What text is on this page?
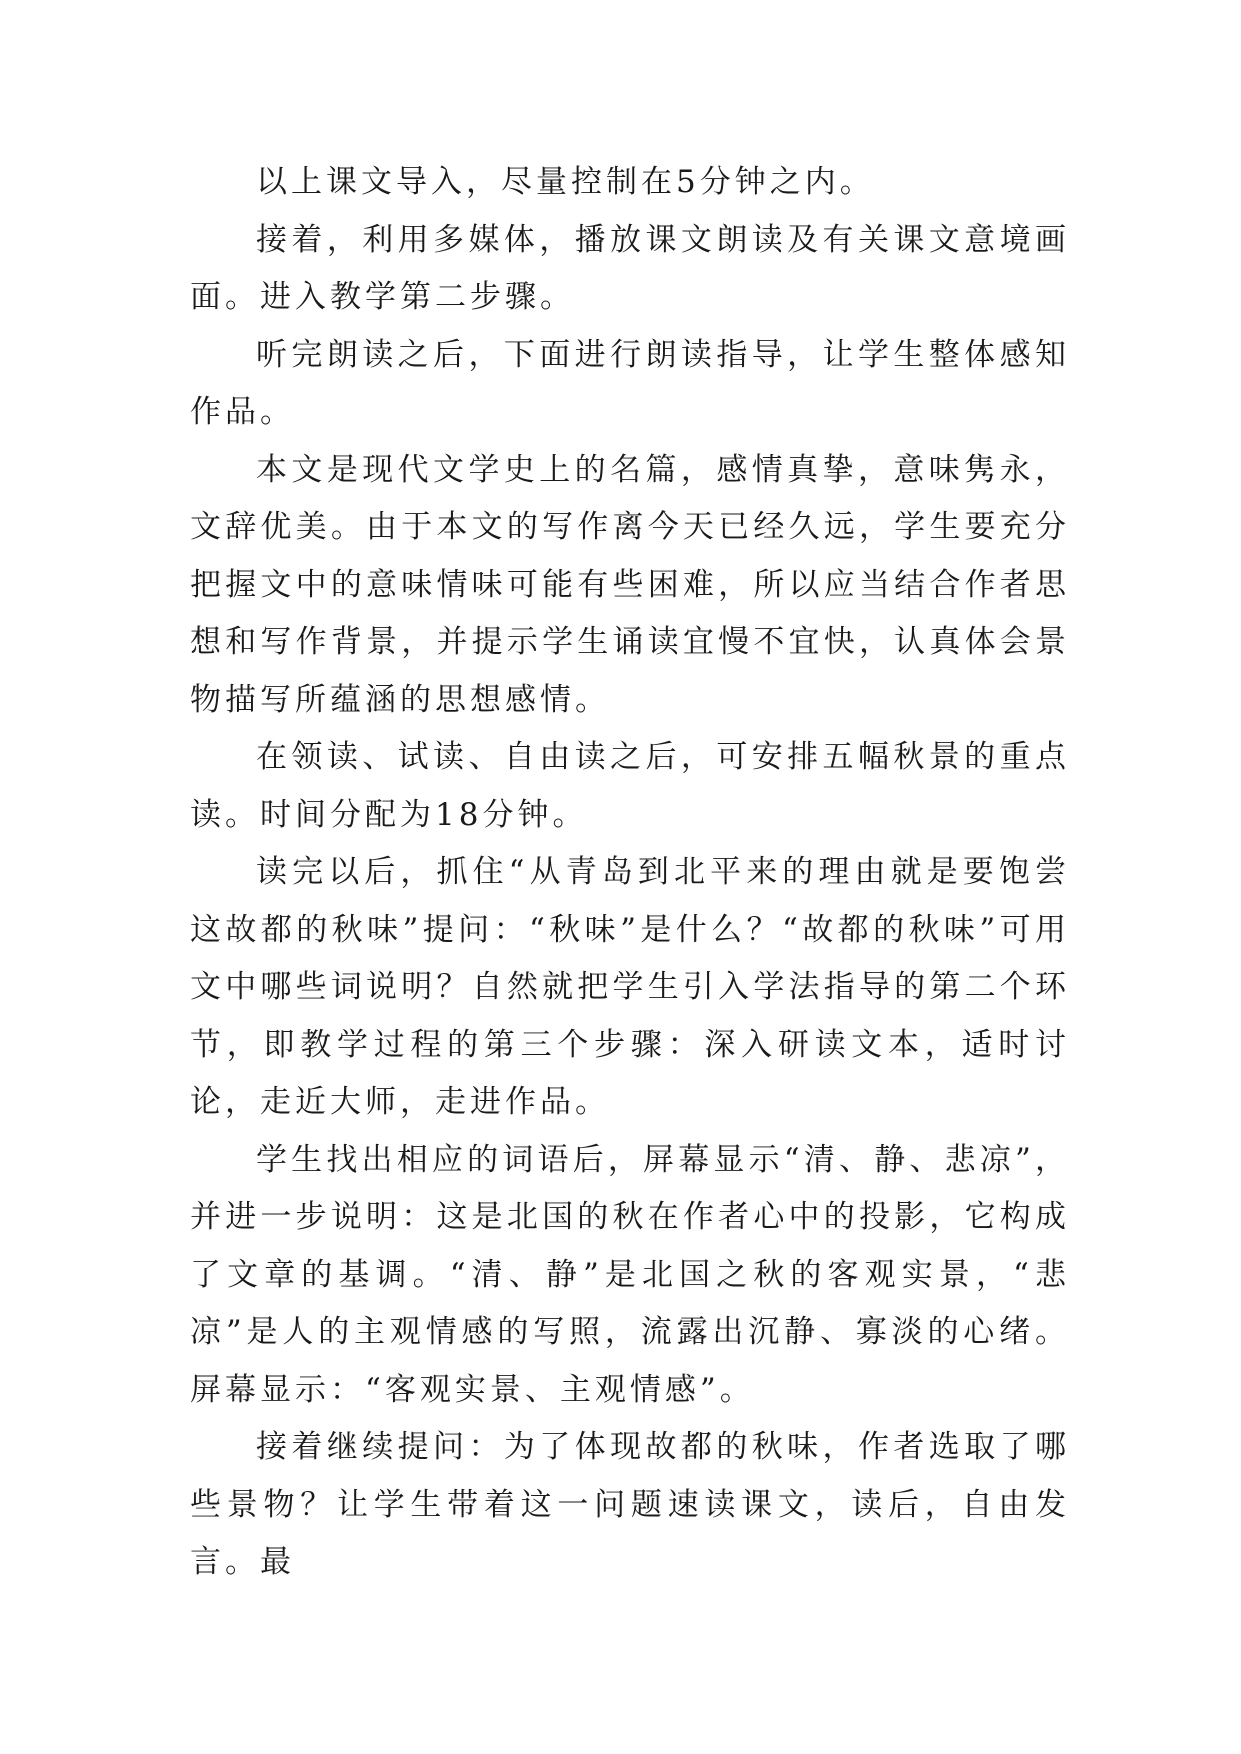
以上课文导入，尽量控制在5分钟之内。

接着，利用多媒体，播放课文朗读及有关课文意境画面。进入教学第二步骤。

听完朗读之后，下面进行朗读指导，让学生整体感知作品。

本文是现代文学史上的名篇，感情真挚，意味隽永，文辞优美。由于本文的写作离今天已经久远，学生要充分把握文中的意味情味可能有些困难，所以应当结合作者思想和写作背景，并提示学生诵读宜慢不宜快，认真体会景物描写所蕴涵的思想感情。

在领读、试读、自由读之后，可安排五幅秋景的重点读。时间分配为18分钟。

读完以后，抓住“从青岛到北平来的理由就是要饱尝这故都的秋味”提问：“秋味”是什么？“故都的秋味”可用文中哪些词说明？自然就把学生引入学法指导的第二个环节，即教学过程的第三个步骤：深入研读文本，适时讨论，走近大师，走进作品。

学生找出相应的词语后，屏幕显示“清、静、悲凉”，并进一步说明：这是北国的秋在作者心中的投影，它构成了文章的基调。“清、静”是北国之秋的客观实景，“悲凉”是人的主观情感的写照，流露出沉静、寡淡的心绪。屏幕显示：“客观实景、主观情感”。

接着继续提问：为了体现故都的秋味，作者选取了哪些景物？让学生带着这一问题速读课文，读后，自由发言。最
